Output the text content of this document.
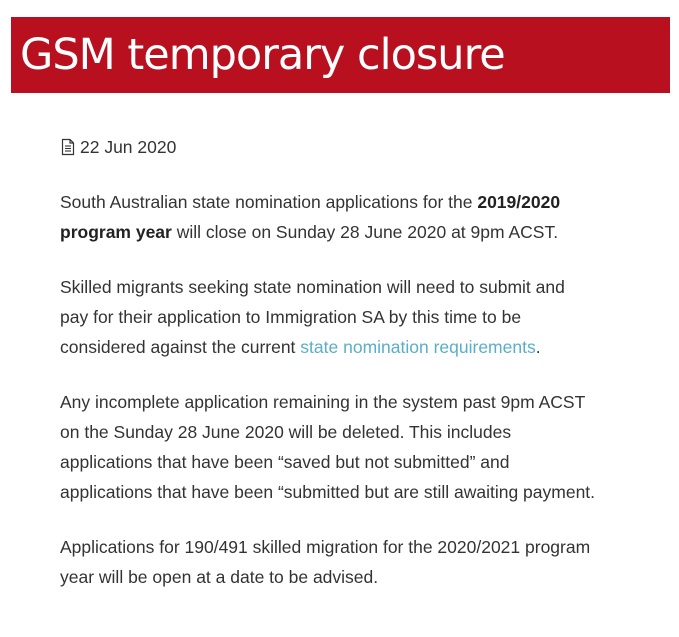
GSM temporary closure
22 Jun 2020

South Australian state nomination applications for the 2019/2020
program year will close on Sunday 28 June 2020 at 9pm ACST.

Skilled migrants seeking state nomination will need to submit and
pay for their application to Immigration SA by this time to be
considered against the current state nomination requirements.

Any incomplete application remaining in the system past 9pm ACST
on the Sunday 28 June 2020 will be deleted. This includes
applications that have been “saved but not submitted” and
applications that have been “submitted but are still awaiting payment.

Applications for 190/491 skilled migration for the 2020/2021 program
year will be open at a date to be advised.
